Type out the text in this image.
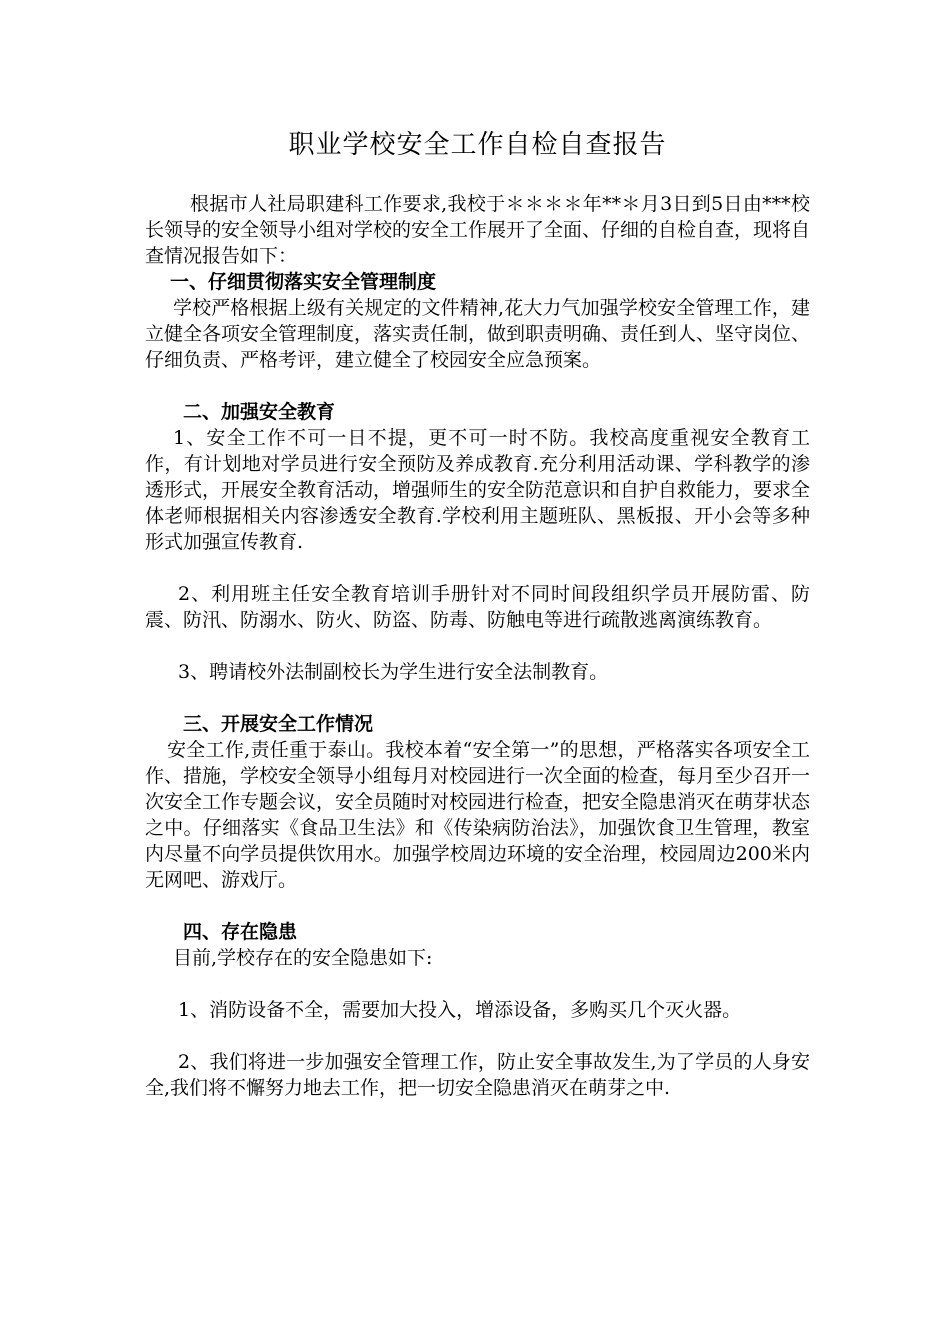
职业学校安全工作自检自查报告

根据市人社局职建科工作要求,我校于＊＊＊＊年**＊月3日到5日由***校长领导的安全领导小组对学校的安全工作展开了全面、仔细的自检自查，现将自查情况报告如下：

一、仔细贯彻落实安全管理制度

学校严格根据上级有关规定的文件精神,花大力气加强学校安全管理工作，建立健全各项安全管理制度，落实责任制，做到职责明确、责任到人、坚守岗位、仔细负责、严格考评，建立健全了校园安全应急预案。

二、加强安全教育

1、安全工作不可一日不提，更不可一时不防。我校高度重视安全教育工作，有计划地对学员进行安全预防及养成教育.充分利用活动课、学科教学的渗透形式，开展安全教育活动，增强师生的安全防范意识和自护自救能力，要求全体老师根据相关内容渗透安全教育.学校利用主题班队、黑板报、开小会等多种形式加强宣传教育.

2、利用班主任安全教育培训手册针对不同时间段组织学员开展防雷、防震、防汛、防溺水、防火、防盗、防毒、防触电等进行疏散逃离演练教育。

3、聘请校外法制副校长为学生进行安全法制教育。

三、开展安全工作情况

安全工作,责任重于泰山。我校本着“安全第一”的思想，严格落实各项安全工作、措施，学校安全领导小组每月对校园进行一次全面的检查，每月至少召开一次安全工作专题会议，安全员随时对校园进行检查，把安全隐患消灭在萌芽状态之中。仔细落实《食品卫生法》和《传染病防治法》，加强饮食卫生管理，教室内尽量不向学员提供饮用水。加强学校周边环境的安全治理，校园周边200米内无网吧、游戏厅。

四、存在隐患

目前,学校存在的安全隐患如下:

1、消防设备不全，需要加大投入，增添设备，多购买几个灭火器。

2、我们将进一步加强安全管理工作，防止安全事故发生,为了学员的人身安全,我们将不懈努力地去工作，把一切安全隐患消灭在萌芽之中.
